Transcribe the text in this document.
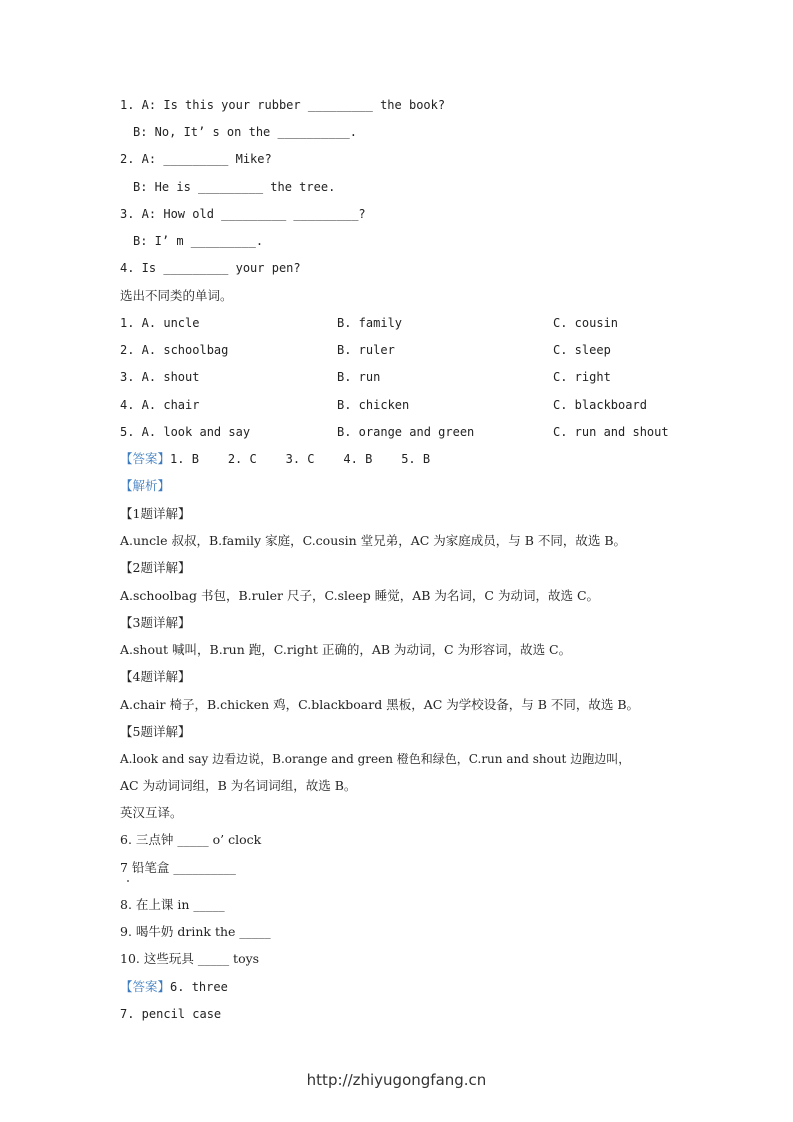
1. A: Is this your rubber _________ the book?
B: No, It’ s on the __________.
2. A: _________ Mike?
B: He is _________ the tree.
3. A: How old _________ _________?
B: I’ m _________.
4. Is _________ your pen?
选出不同类的单词。
1. A. uncle	B. family	C. cousin
2. A. schoolbag	B. ruler	C. sleep
3. A. shout	B. run	C. right
4. A. chair	B. chicken	C. blackboard
5. A. look and say	B. orange and green	C. run and shout
【答案】1. B    2. C    3. C    4. B    5. B
【解析】
【1题详解】
A.uncle 叔叔，B.family 家庭，C.cousin 堂兄弟，AC 为家庭成员，与 B 不同，故选 B。
【2题详解】
A.schoolbag 书包，B.ruler 尺子，C.sleep 睡觉，AB 为名词，C 为动词，故选 C。
【3题详解】
A.shout 喊叫，B.run 跑，C.right 正确的，AB 为动词，C 为形容词，故选 C。
【4题详解】
A.chair 椅子，B.chicken 鸡，C.blackboard 黑板，AC 为学校设备，与 B 不同，故选 B。
【5题详解】
A.look and say 边看边说，B.orange and green 橙色和绿色，C.run and shout 边跑边叫，
AC 为动词词组，B 为名词词组，故选 B。
英汉互译。
6. 三点钟 _____ o’ clock
7 铅笔盒 __________
8. 在上课 in _____
9. 喝牛奶 drink the _____
10. 这些玩具 _____ toys
【答案】6. three
7. pencil case
http://zhiyugongfang.cn
